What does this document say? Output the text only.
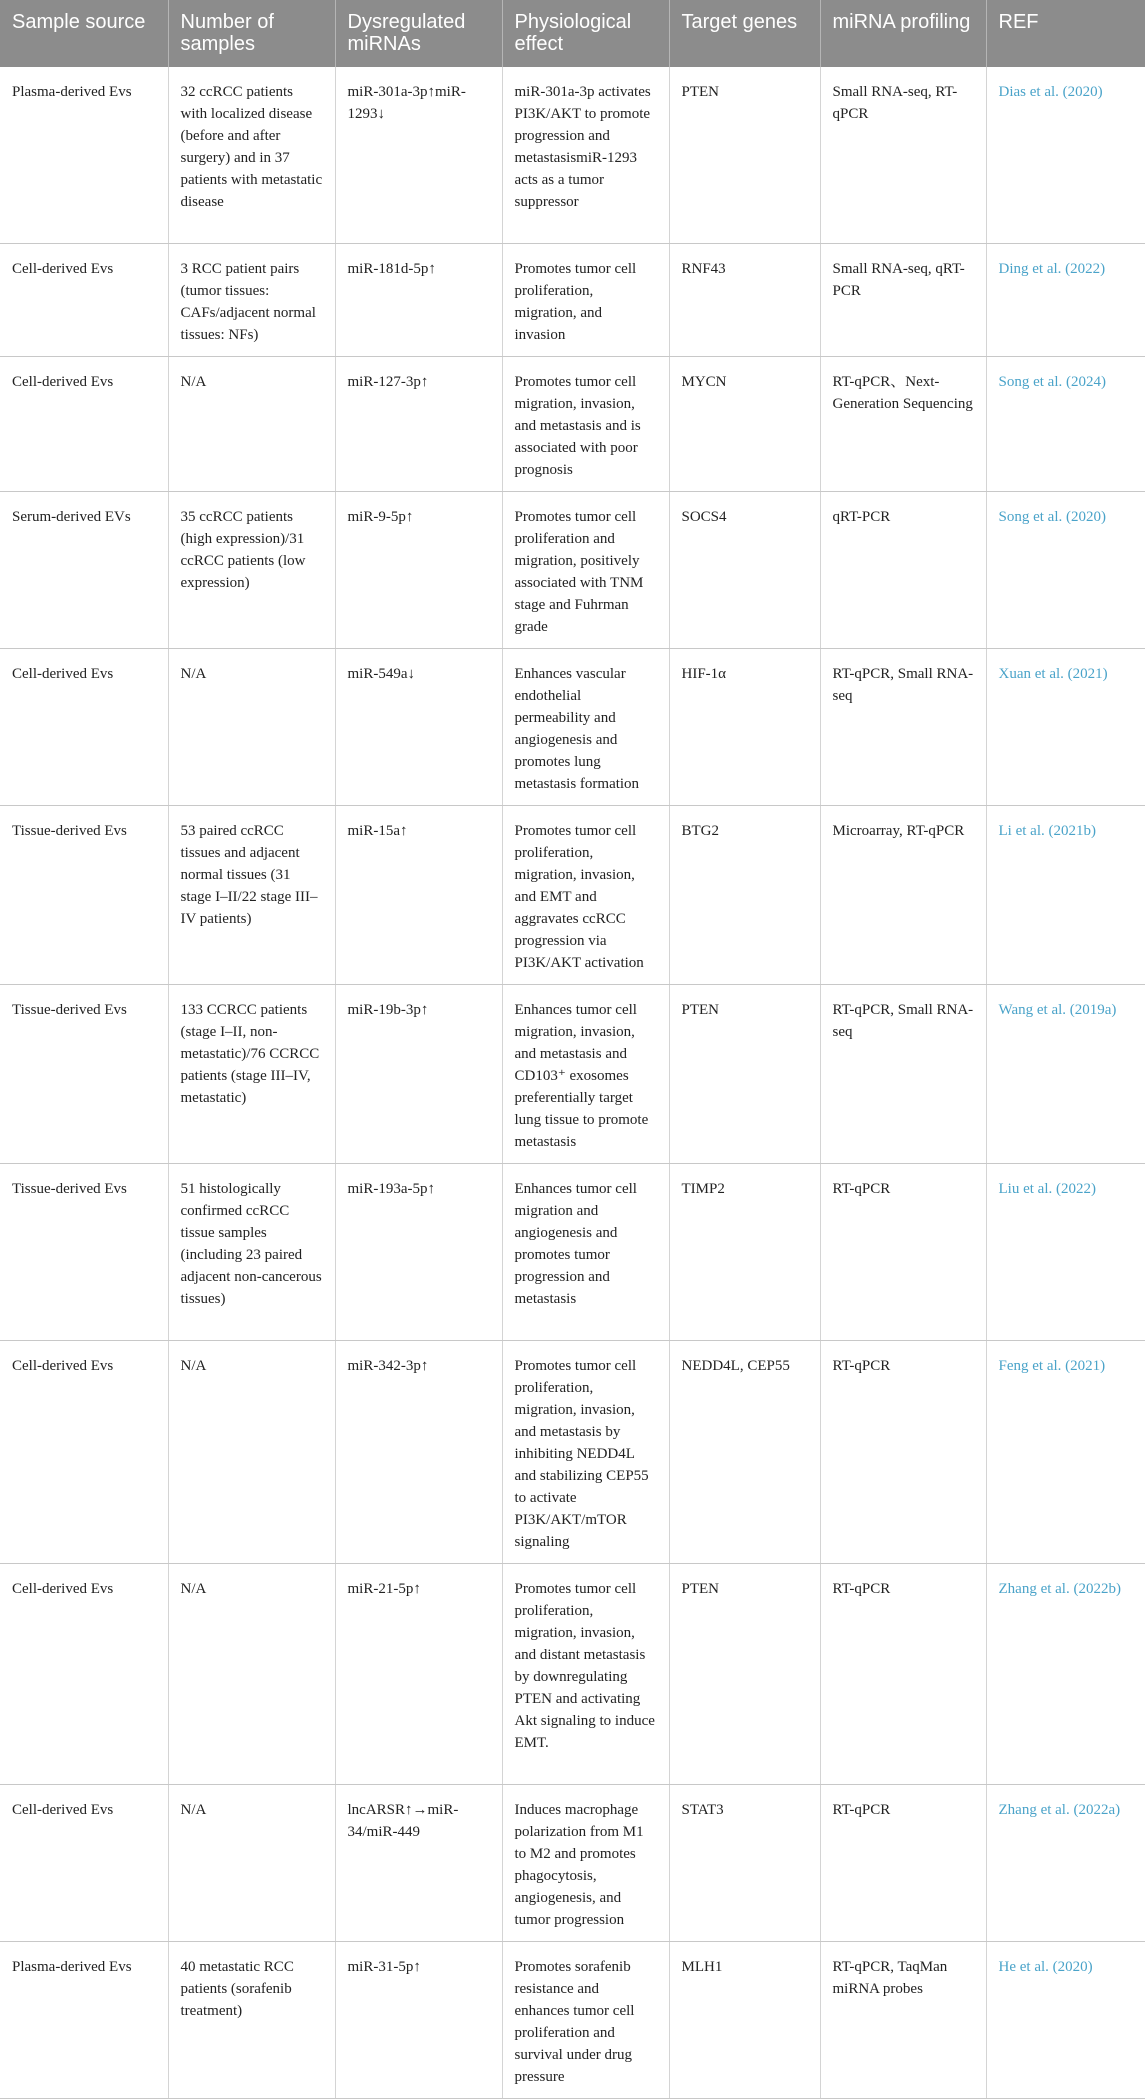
Sample source	Number of samples	Dysregulated miRNAs	Physiological effect	Target genes	miRNA profiling	REF
Plasma-derived Evs	32 ccRCC patients with localized disease (before and after surgery) and in 37 patients with metastatic disease	miR-301a-3p↑miR-1293↓	miR-301a-3p activates PI3K/AKT to promote progression and metastasismiR-1293 acts as a tumor suppressor	PTEN	Small RNA-seq, RT-qPCR	Dias et al. (2020)
Cell-derived Evs	3 RCC patient pairs (tumor tissues: CAFs/adjacent normal tissues: NFs)	miR-181d-5p↑	Promotes tumor cell proliferation, migration, and invasion	RNF43	Small RNA-seq, qRT-PCR	Ding et al. (2022)
Cell-derived Evs	N/A	miR-127-3p↑	Promotes tumor cell migration, invasion, and metastasis and is associated with poor prognosis	MYCN	RT-qPCR、Next-Generation Sequencing	Song et al. (2024)
Serum-derived EVs	35 ccRCC patients (high expression)/31 ccRCC patients (low expression)	miR-9-5p↑	Promotes tumor cell proliferation and migration, positively associated with TNM stage and Fuhrman grade	SOCS4	qRT-PCR	Song et al. (2020)
Cell-derived Evs	N/A	miR-549a↓	Enhances vascular endothelial permeability and angiogenesis and promotes lung metastasis formation	HIF-1α	RT-qPCR, Small RNA-seq	Xuan et al. (2021)
Tissue-derived Evs	53 paired ccRCC tissues and adjacent normal tissues (31 stage I–II/22 stage III–IV patients)	miR-15a↑	Promotes tumor cell proliferation, migration, invasion, and EMT and aggravates ccRCC progression via PI3K/AKT activation	BTG2	Microarray, RT-qPCR	Li et al. (2021b)
Tissue-derived Evs	133 CCRCC patients (stage I–II, non-metastatic)/76 CCRCC patients (stage III–IV, metastatic)	miR-19b-3p↑	Enhances tumor cell migration, invasion, and metastasis and CD103⁺ exosomes preferentially target lung tissue to promote metastasis	PTEN	RT-qPCR, Small RNA-seq	Wang et al. (2019a)
Tissue-derived Evs	51 histologically confirmed ccRCC tissue samples (including 23 paired adjacent non-cancerous tissues)	miR-193a-5p↑	Enhances tumor cell migration and angiogenesis and promotes tumor progression and metastasis	TIMP2	RT-qPCR	Liu et al. (2022)
Cell-derived Evs	N/A	miR-342-3p↑	Promotes tumor cell proliferation, migration, invasion, and metastasis by inhibiting NEDD4L and stabilizing CEP55 to activate PI3K/AKT/mTOR signaling	NEDD4L, CEP55	RT-qPCR	Feng et al. (2021)
Cell-derived Evs	N/A	miR-21-5p↑	Promotes tumor cell proliferation, migration, invasion, and distant metastasis by downregulating PTEN and activating Akt signaling to induce EMT.	PTEN	RT-qPCR	Zhang et al. (2022b)
Cell-derived Evs	N/A	lncARSR↑→miR-34/miR-449	Induces macrophage polarization from M1 to M2 and promotes phagocytosis, angiogenesis, and tumor progression	STAT3	RT-qPCR	Zhang et al. (2022a)
Plasma-derived Evs	40 metastatic RCC patients (sorafenib treatment)	miR-31-5p↑	Promotes sorafenib resistance and enhances tumor cell proliferation and survival under drug pressure	MLH1	RT-qPCR, TaqMan miRNA probes	He et al. (2020)
